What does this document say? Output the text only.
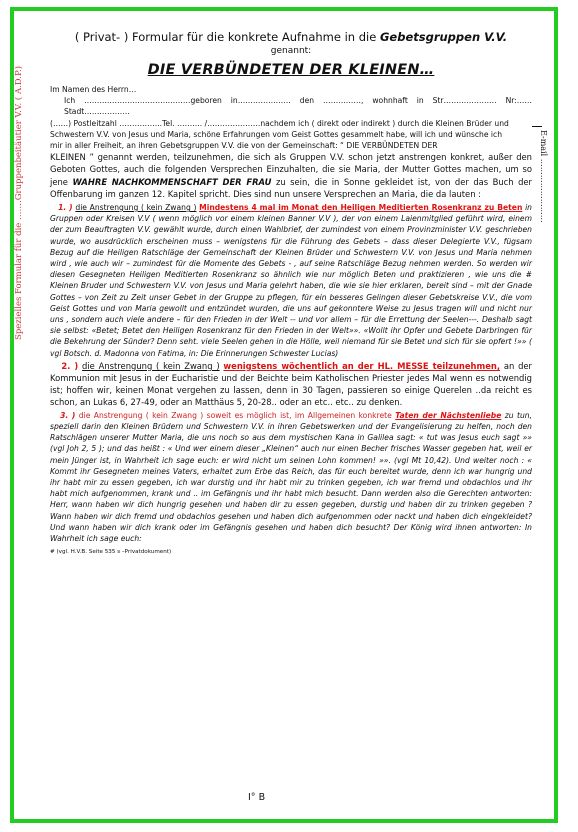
Spezielles Formular für die …….Gruppenbeitäutier V.V. ( A.D.P.)	E-mail ……………………
( Privat- ) Formular für die konkrete Aufnahme in die Gebetsgruppen V.V.
genannt:
DIE VERBÜNDETEN DER KLEINEN…

Im Namen des Herrn…

Ich ……………………………………geboren in………………… den ……………, wohnhaft in Str………………… Nr:…… Stadt………………

(……) Postleitzahl ……………..Tel. ………. /…………………nachdem ich ( direkt oder indirekt ) durch die Kleinen Brüder und

Schwestern V.V. von Jesus und Maria, schöne Erfahrungen vom Geist Gottes gesammelt habe, will ich und wünsche ich

mir in aller Freiheit, an ihren Gebetsgruppen V.V. die von der Gemeinschaft: “ DIE VERBÜNDETEN DER

KLEINEN ” genannt werden, teilzunehmen, die sich als Gruppen V.V. schon jetzt anstrengen konkret, außer den Geboten Gottes, auch die folgenden Versprechen Einzuhalten, die sie Maria, der Mutter Gottes machen, um so jene WAHRE NACHKOMMENSCHAFT DER FRAU zu sein, die in Sonne gekleidet ist, von der das Buch der Offenbarung im ganzen 12. Kapitel spricht. Dies sind nun unsere Versprechen an Maria, die da lauten :

1. ) die Anstrengung ( kein Zwang ) Mindestens 4 mal im Monat den Heiligen Meditierten Rosenkranz zu Beten in Gruppen oder Kreisen V.V ( wenn möglich vor einem kleinen Banner V.V ), der von einem Laienmitglied geführt wird, einem der zum Beauftragten V.V. gewählt wurde, durch einen Wahlbrief, der zumindest von einem Provinzminister V.V. geschrieben wurde, wo ausdrücklich erscheinen muss – wenigstens für die Führung des Gebets – dass dieser Delegierte V.V., fügsam Bezug auf die Heiligen Ratschläge der Gemeinschaft der Kleinen Brüder und Schwestern V.V. von Jesus und Maria nehmen wird , wie auch wir – zumindest für die Momente des Gebets - , auf seine Ratschläge Bezug nehmen werden. So werden wir diesen Gesegneten Heiligen Meditierten Rosenkranz so ähnlich wie nur möglich Beten und praktizieren , wie uns die # Kleinen Bruder und Schwestern V.V. von Jesus und Maria gelehrt haben, die wie sie hier erklaren, bereit sind – mit der Gnade Gottes – von Zeit zu Zeit unser Gebet in der Gruppe zu pflegen, für ein besseres Gelingen dieser Gebetskreise V.V., die vom Geist Gottes und von Maria gewollt und entzündet wurden, die uns auf gekonntere Weise zu Jesus tragen will und nicht nur uns , sondern auch viele andere – für den Frieden in der Welt -- und vor allem – für die Errettung der Seelen---. Deshalb sagt sie selbst: «Betet; Betet den Heiligen Rosenkranz für den Frieden in der Welt»». «Wollt ihr Opfer und Gebete Darbringen für die Bekehrung der Sünder? Denn seht. viele Seelen gehen in die Hölle, weil niemand für sie Betet und sich für sie opfert !»» ( vgl Botsch. d. Madonna von Fatima, in: Die Erinnerungen Schwester Lucias)

2. ) die Anstrengung ( kein Zwang ) wenigstens wöchentlich an der HL. MESSE teilzunehmen, an der Kommunion mit Jesus in der Eucharistie und der Beichte beim Katholischen Priester jedes Mal wenn es notwendig ist; hoffen wir, keinen Monat vergehen zu lassen, denn in 30 Tagen, passieren so einige Querelen ..da reicht es schon, an Lukas 6, 27-49, oder an Matthäus 5, 20-28.. oder an etc.. etc.. zu denken.

3. ) die Anstrengung ( kein Zwang ) soweit es möglich ist, im Allgemeinen konkrete Taten der Nächstenliebe zu tun, speziell darin den Kleinen Brüdern und Schwestern V.V. in ihren Gebetswerken und der Evangelisierung zu helfen, noch den Ratschlägen unserer Mutter Maria, die uns noch so aus dem mystischen Kana in Galilea sagt: « tut was Jesus euch sagt »» (vgl Joh 2, 5 ); und das heißt : « Und wer einem dieser „Kleinen“ auch nur einen Becher frisches Wasser gegeben hat, weil er mein Jünger ist, in Wahrheit ich sage euch: er wird nicht um seinen Lohn kommen! »». (vgl Mt 10,42). Und weiter noch : « Kommt ihr Gesegneten meines Vaters, erhaltet zum Erbe das Reich, das für euch bereitet wurde, denn ich war hungrig und ihr habt mir zu essen gegeben, ich war durstig und ihr habt mir zu trinken gegeben, ich war fremd und obdachlos und ihr habt mich aufgenommen, krank und .. im Gefängnis und ihr habt mich besucht. Dann werden also die Gerechten antworten: Herr, wann haben wir dich hungrig gesehen und haben dir zu essen gegeben, durstig und haben dir zu trinken gegeben ? Wann haben wir dich fremd und obdachlos gesehen und haben dich aufgenommen oder nackt und haben dich eingekleidet? Und wann haben wir dich krank oder im Gefängnis gesehen und haben dich besucht? Der König wird ihnen antworten: In Wahrheit ich sage euch:

# (vgl. H.V.B. Seite 535 s –Privatdokument)
I° B
